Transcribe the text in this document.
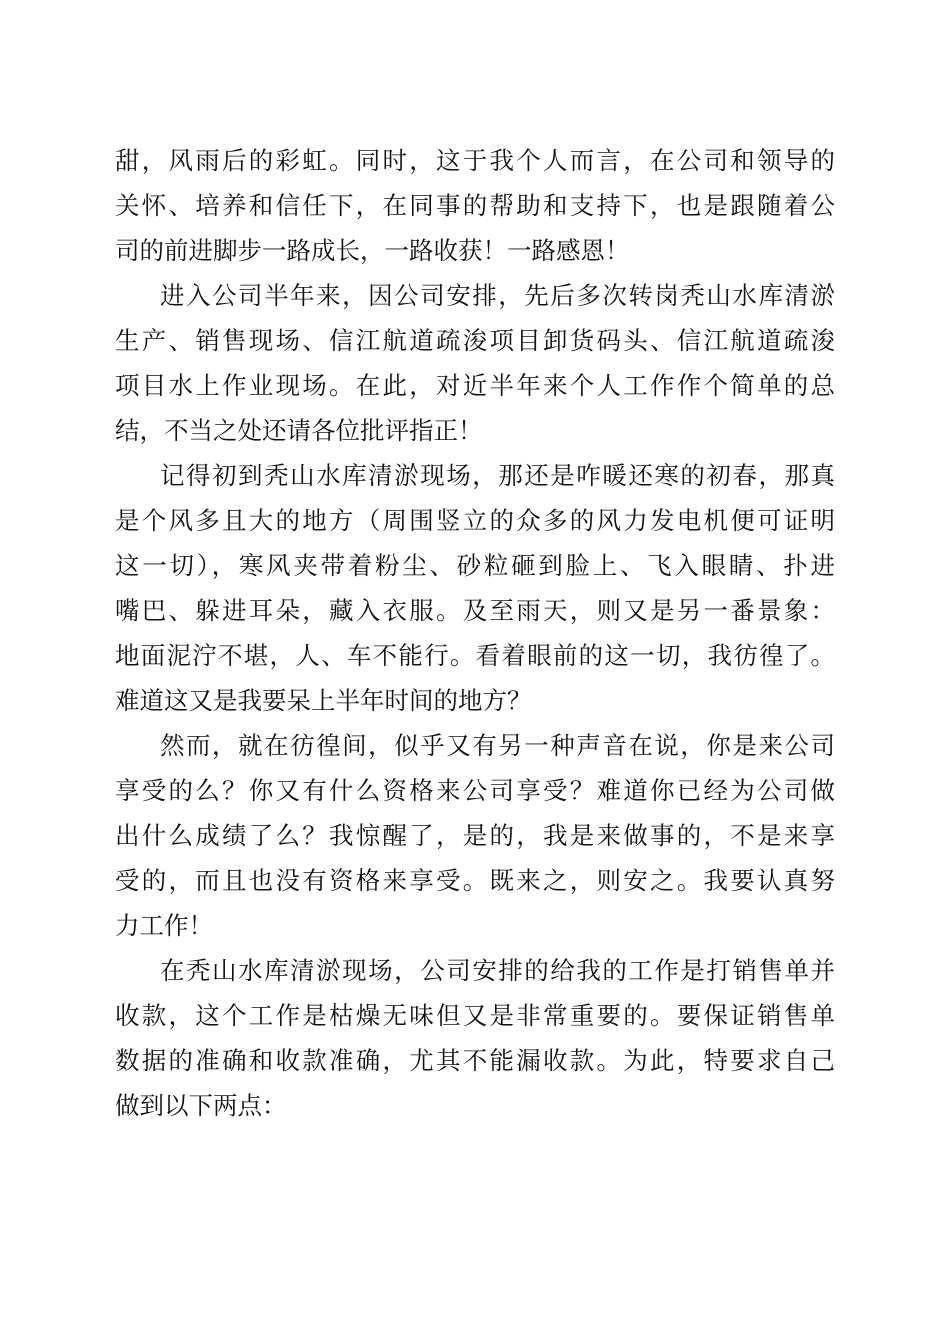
甜，风雨后的彩虹。同时，这于我个人而言，在公司和领导的
关怀、培养和信任下，在同事的帮助和支持下，也是跟随着公
司的前进脚步一路成长，一路收获！一路感恩！
进入公司半年来，因公司安排，先后多次转岗秃山水库清淤
生产、销售现场、信江航道疏浚项目卸货码头、信江航道疏浚
项目水上作业现场。在此，对近半年来个人工作作个简单的总
结，不当之处还请各位批评指正！
记得初到秃山水库清淤现场，那还是咋暖还寒的初春，那真
是个风多且大的地方（周围竖立的众多的风力发电机便可证明
这一切），寒风夹带着粉尘、砂粒砸到脸上、飞入眼睛、扑进
嘴巴、躲进耳朵，藏入衣服。及至雨天，则又是另一番景象：
地面泥泞不堪，人、车不能行。看着眼前的这一切，我彷徨了。
难道这又是我要呆上半年时间的地方？
然而，就在彷徨间，似乎又有另一种声音在说，你是来公司
享受的么？你又有什么资格来公司享受？难道你已经为公司做
出什么成绩了么？我惊醒了，是的，我是来做事的，不是来享
受的，而且也没有资格来享受。既来之，则安之。我要认真努
力工作！
在秃山水库清淤现场，公司安排的给我的工作是打销售单并
收款，这个工作是枯燥无味但又是非常重要的。要保证销售单
数据的准确和收款准确，尤其不能漏收款。为此，特要求自己
做到以下两点：
